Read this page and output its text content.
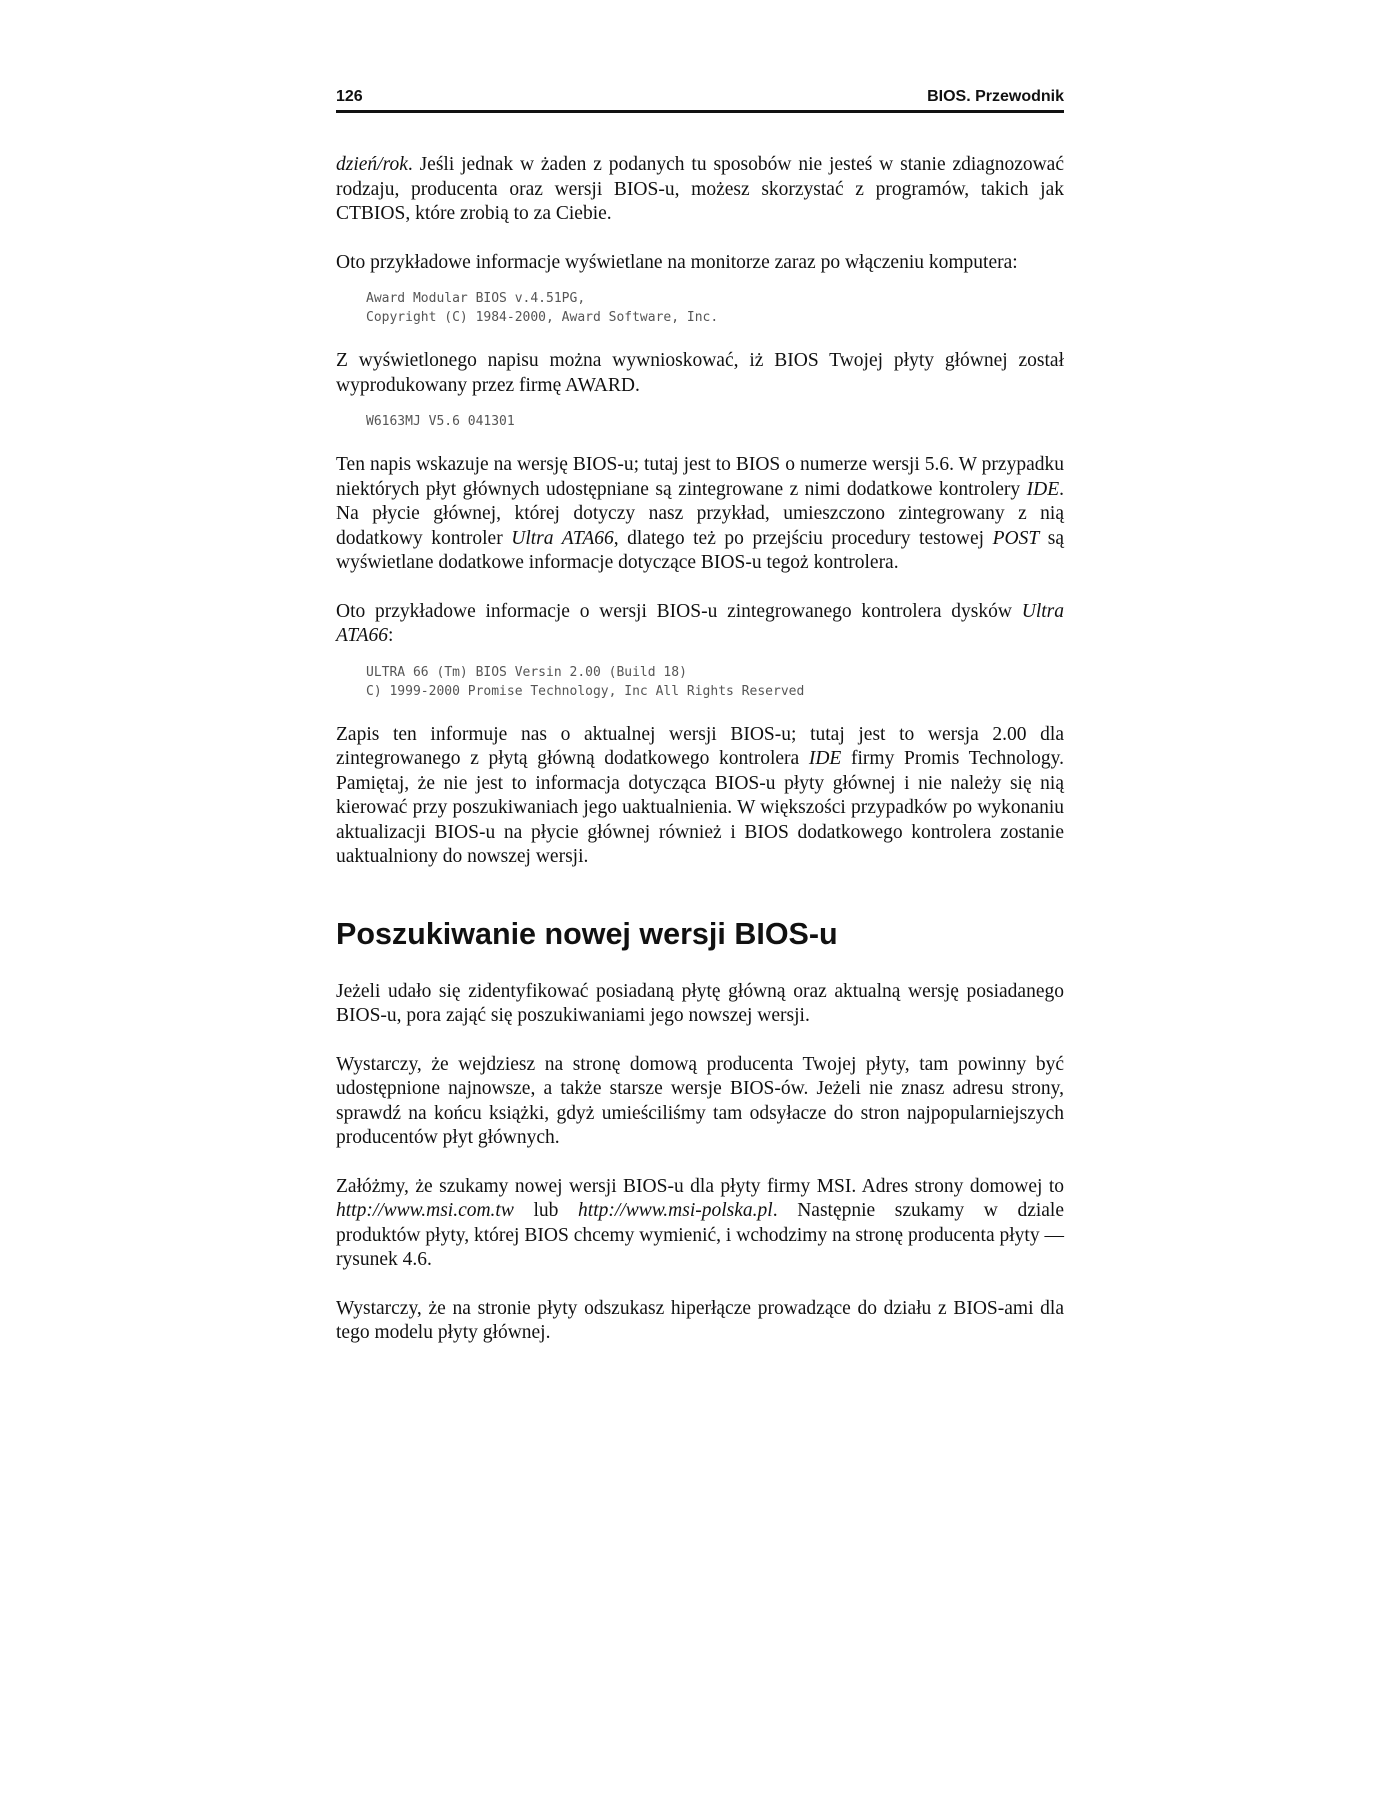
126	BIOS. Przewodnik

dzień/rok. Jeśli jednak w żaden z podanych tu sposobów nie jesteś w stanie zdiagnozować rodzaju, producenta oraz wersji BIOS-u, możesz skorzystać z programów, takich jak CTBIOS, które zrobią to za Ciebie.

Oto przykładowe informacje wyświetlane na monitorze zaraz po włączeniu komputera:

Award Modular BIOS v.4.51PG,
Copyright (C) 1984-2000, Award Software, Inc.

Z wyświetlonego napisu można wywnioskować, iż BIOS Twojej płyty głównej został wyprodukowany przez firmę AWARD.

W6163MJ V5.6 041301

Ten napis wskazuje na wersję BIOS-u; tutaj jest to BIOS o numerze wersji 5.6. W przypadku niektórych płyt głównych udostępniane są zintegrowane z nimi dodatkowe kontrolery IDE. Na płycie głównej, której dotyczy nasz przykład, umieszczono zintegrowany z nią dodatkowy kontroler Ultra ATA66, dlatego też po przejściu procedury testowej POST są wyświetlane dodatkowe informacje dotyczące BIOS-u tegoż kontrolera.

Oto przykładowe informacje o wersji BIOS-u zintegrowanego kontrolera dysków Ultra ATA66:

ULTRA 66 (Tm) BIOS Versin 2.00 (Build 18)
C) 1999-2000 Promise Technology, Inc All Rights Reserved

Zapis ten informuje nas o aktualnej wersji BIOS-u; tutaj jest to wersja 2.00 dla zintegrowanego z płytą główną dodatkowego kontrolera IDE firmy Promis Technology. Pamiętaj, że nie jest to informacja dotycząca BIOS-u płyty głównej i nie należy się nią kierować przy poszukiwaniach jego uaktualnienia. W większości przypadków po wykonaniu aktualizacji BIOS-u na płycie głównej również i BIOS dodatkowego kontrolera zostanie uaktualniony do nowszej wersji.

Poszukiwanie nowej wersji BIOS-u

Jeżeli udało się zidentyfikować posiadaną płytę główną oraz aktualną wersję posiadanego BIOS-u, pora zająć się poszukiwaniami jego nowszej wersji.

Wystarczy, że wejdziesz na stronę domową producenta Twojej płyty, tam powinny być udostępnione najnowsze, a także starsze wersje BIOS-ów. Jeżeli nie znasz adresu strony, sprawdź na końcu książki, gdyż umieściliśmy tam odsyłacze do stron najpopularniejszych producentów płyt głównych.

Załóżmy, że szukamy nowej wersji BIOS-u dla płyty firmy MSI. Adres strony domowej to http://www.msi.com.tw lub http://www.msi-polska.pl. Następnie szukamy w dziale produktów płyty, której BIOS chcemy wymienić, i wchodzimy na stronę producenta płyty — rysunek 4.6.

Wystarczy, że na stronie płyty odszukasz hiperłącze prowadzące do działu z BIOS-ami dla tego modelu płyty głównej.
